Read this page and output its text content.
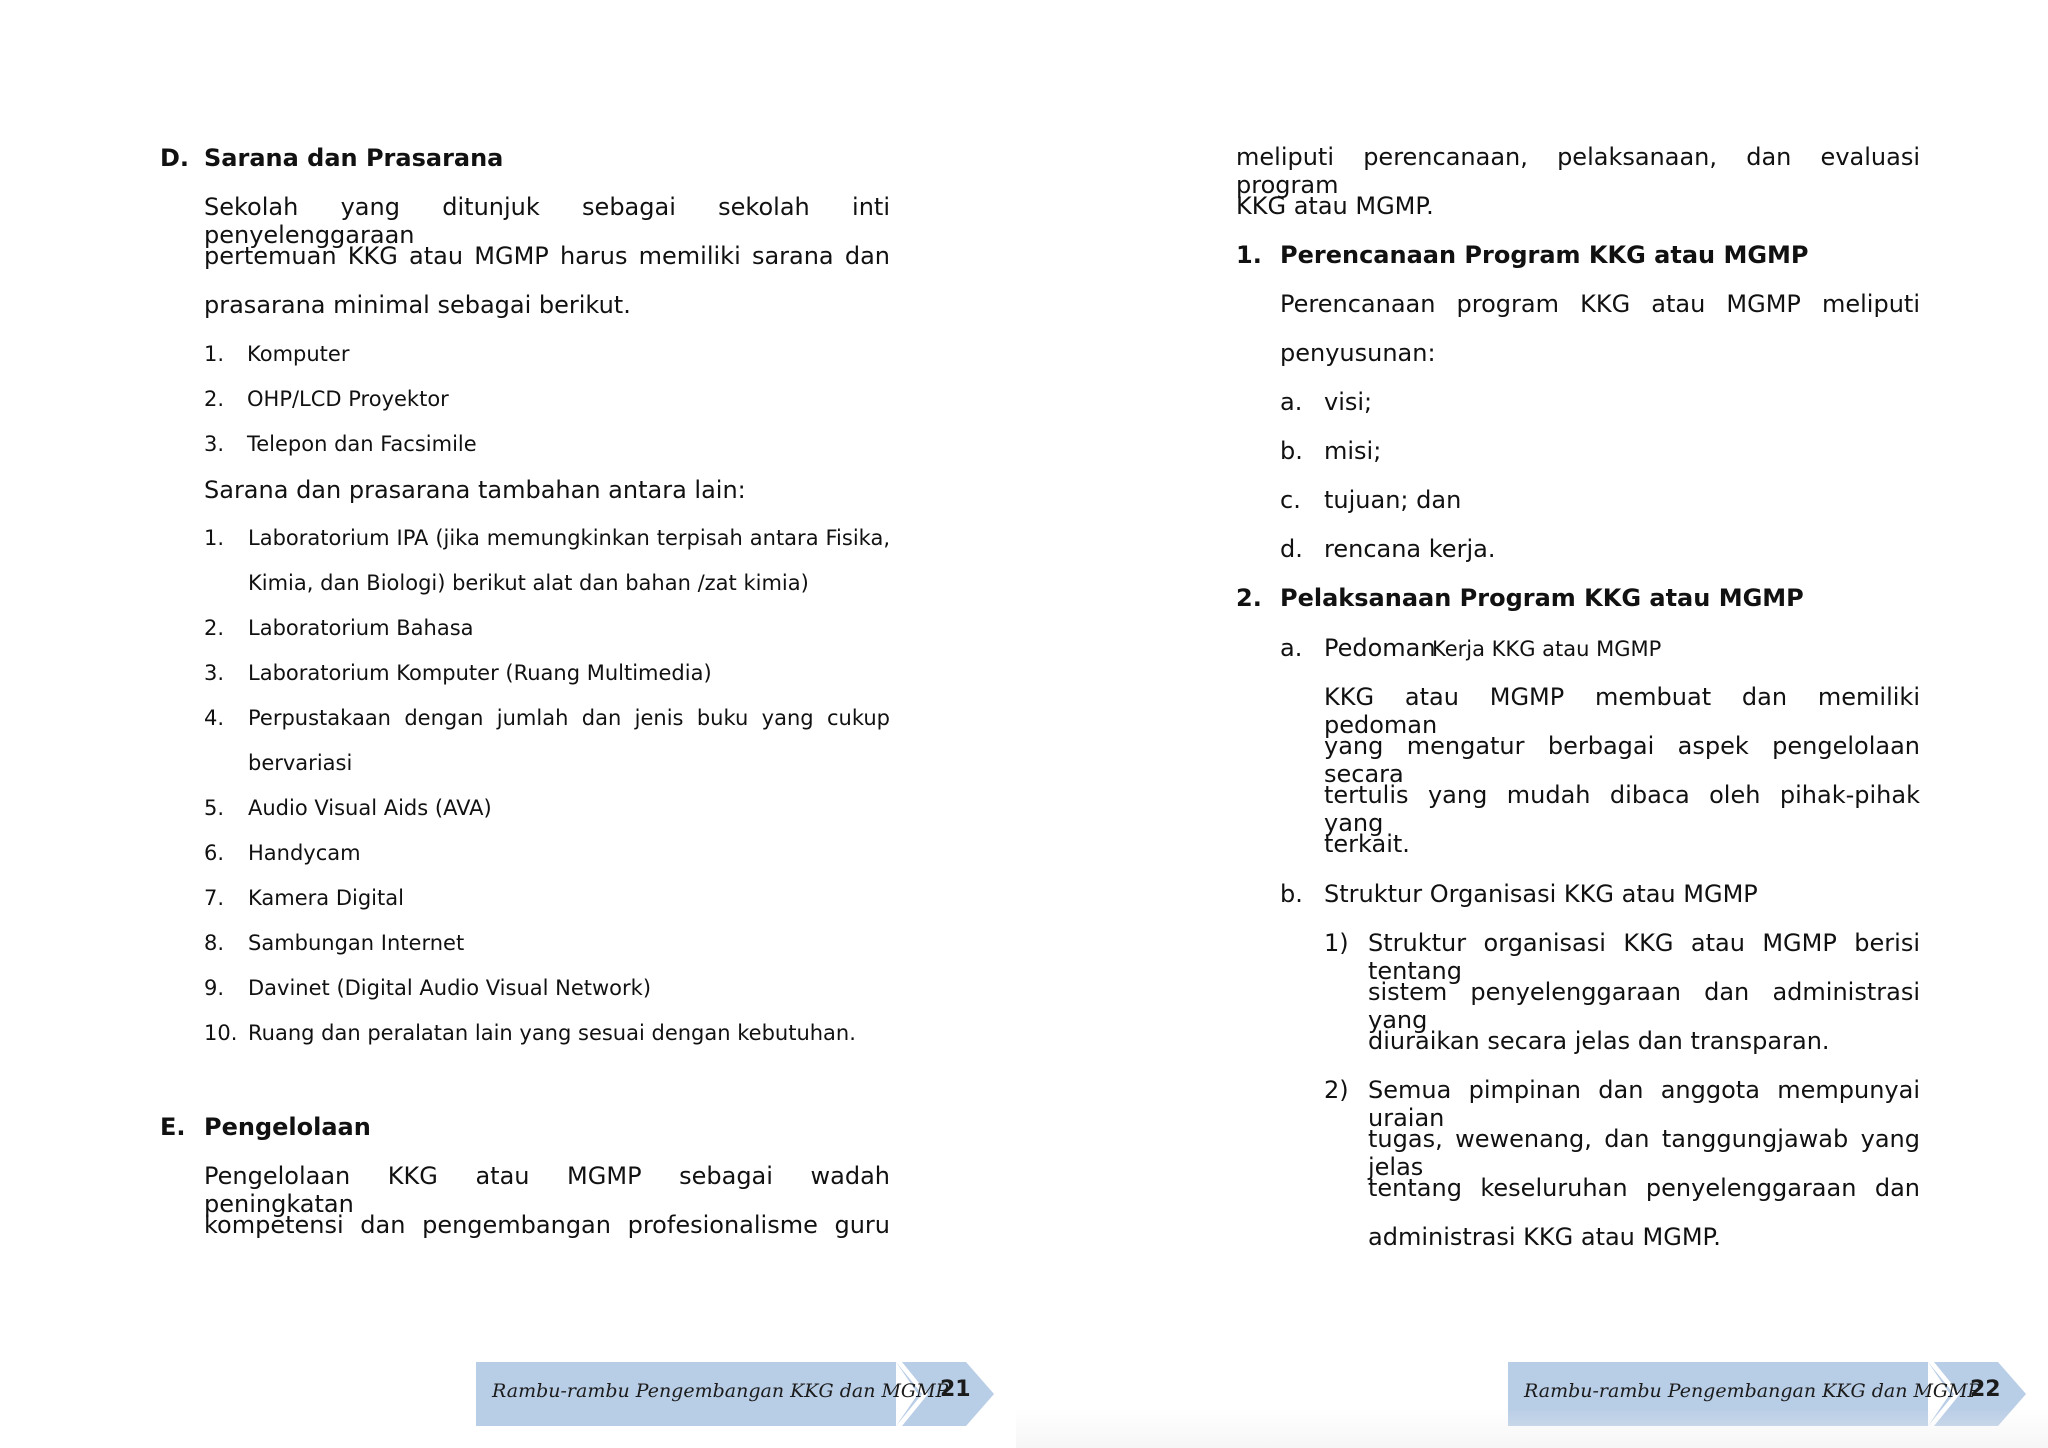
D. Sarana dan Prasarana
Sekolah yang ditunjuk sebagai sekolah inti penyelenggaraan
pertemuan KKG atau MGMP harus memiliki sarana dan
prasarana minimal sebagai berikut.
1. Komputer
2. OHP/LCD Proyektor
3. Telepon dan Facsimile
Sarana dan prasarana tambahan antara lain:
1. Laboratorium IPA (jika memungkinkan terpisah antara Fisika,
Kimia, dan Biologi) berikut alat dan bahan /zat kimia)
2. Laboratorium Bahasa
3. Laboratorium Komputer (Ruang Multimedia)
4. Perpustakaan dengan jumlah dan jenis buku yang cukup
bervariasi
5. Audio Visual Aids (AVA)
6. Handycam
7. Kamera Digital
8. Sambungan Internet
9. Davinet (Digital Audio Visual Network)
10. Ruang dan peralatan lain yang sesuai dengan kebutuhan.
E. Pengelolaan
Pengelolaan KKG atau MGMP sebagai wadah peningkatan
kompetensi dan pengembangan profesionalisme guru
Rambu-rambu Pengembangan KKG dan MGMP
21
meliputi perencanaan, pelaksanaan, dan evaluasi program
KKG atau MGMP.
1. Perencanaan Program KKG atau MGMP
Perencanaan program KKG atau MGMP meliputi
penyusunan:
a. visi;
b. misi;
c. tujuan; dan
d. rencana kerja.
2. Pelaksanaan Program KKG atau MGMP
a. Pedoman
Kerja KKG atau MGMP
KKG atau MGMP membuat dan memiliki pedoman
yang mengatur berbagai aspek pengelolaan secara
tertulis yang mudah dibaca oleh pihak-pihak yang
terkait.
b. Struktur Organisasi KKG atau MGMP
1) Struktur organisasi KKG atau MGMP berisi tentang
sistem penyelenggaraan dan administrasi yang
diuraikan secara jelas dan transparan.
2) Semua pimpinan dan anggota mempunyai uraian
tugas, wewenang, dan tanggungjawab yang jelas
tentang keseluruhan penyelenggaraan dan
administrasi KKG atau MGMP.
Rambu-rambu Pengembangan KKG dan MGMP
22
